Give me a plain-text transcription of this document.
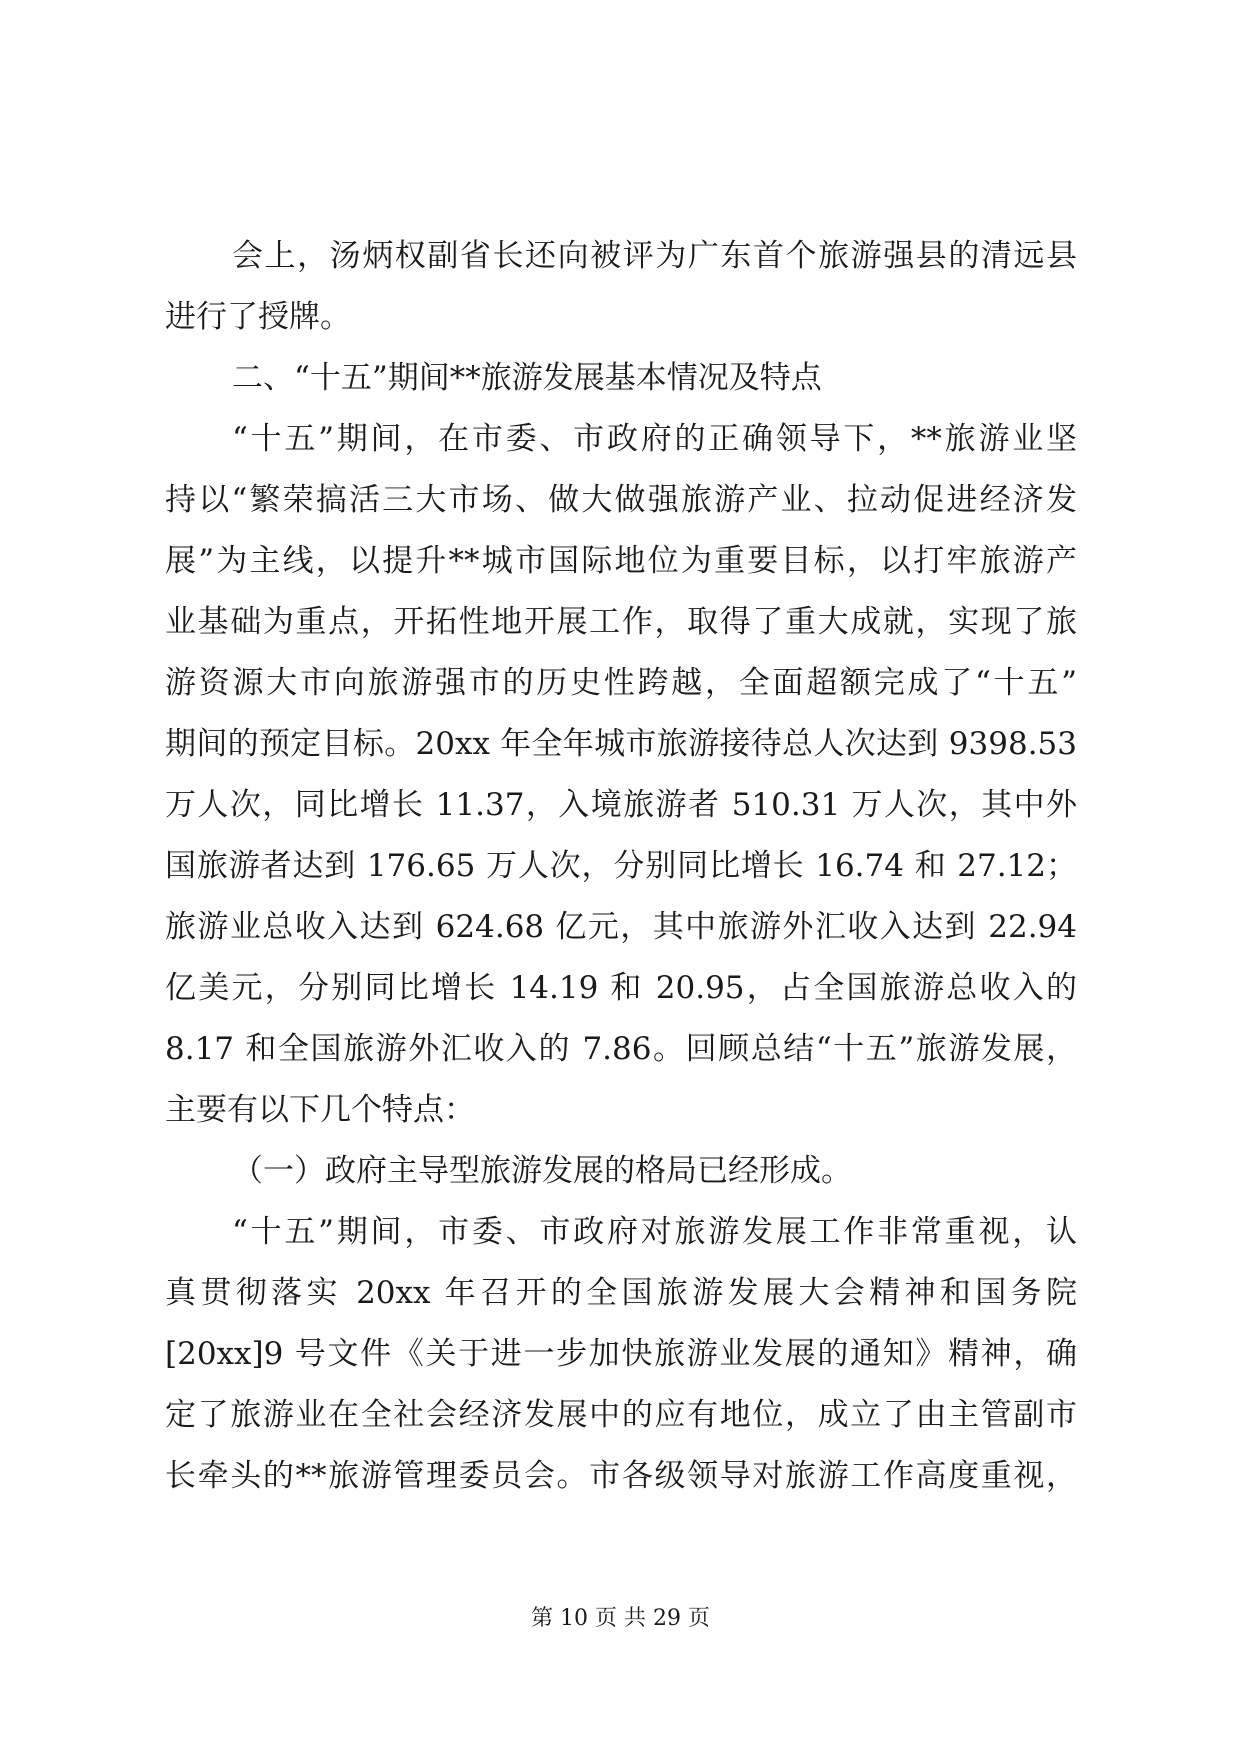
会上，汤炳权副省长还向被评为广东首个旅游强县的清远县
进行了授牌。
二、“十五”期间**旅游发展基本情况及特点
“十五”期间，在市委、市政府的正确领导下，**旅游业坚
持以“繁荣搞活三大市场、做大做强旅游产业、拉动促进经济发
展”为主线，以提升**城市国际地位为重要目标，以打牢旅游产
业基础为重点，开拓性地开展工作，取得了重大成就，实现了旅
游资源大市向旅游强市的历史性跨越，全面超额完成了“十五”
期间的预定目标。20xx 年全年城市旅游接待总人次达到 9398.53
万人次，同比增长 11.37，入境旅游者 510.31 万人次，其中外
国旅游者达到 176.65 万人次，分别同比增长 16.74 和 27.12；
旅游业总收入达到 624.68 亿元，其中旅游外汇收入达到 22.94
亿美元，分别同比增长 14.19 和 20.95，占全国旅游总收入的
8.17 和全国旅游外汇收入的 7.86。回顾总结“十五”旅游发展，
主要有以下几个特点：
（一）政府主导型旅游发展的格局已经形成。
“十五”期间，市委、市政府对旅游发展工作非常重视，认
真贯彻落实 20xx 年召开的全国旅游发展大会精神和国务院
[20xx]9 号文件《关于进一步加快旅游业发展的通知》精神，确
定了旅游业在全社会经济发展中的应有地位，成立了由主管副市
长牵头的**旅游管理委员会。市各级领导对旅游工作高度重视，
第 10 页 共 29 页
